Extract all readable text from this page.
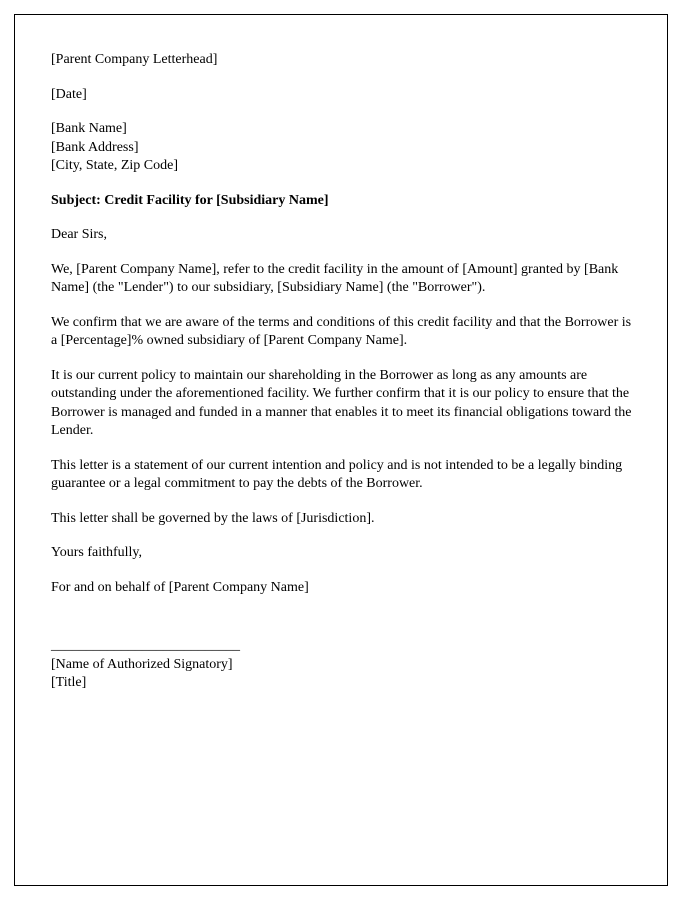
[Parent Company Letterhead]

[Date]

[Bank Name]

[Bank Address]

[City, State, Zip Code]

Subject: Credit Facility for [Subsidiary Name]

Dear Sirs,

We, [Parent Company Name], refer to the credit facility in the amount of [Amount] granted by [Bank Name] (the "Lender") to our subsidiary, [Subsidiary Name] (the "Borrower").

We confirm that we are aware of the terms and conditions of this credit facility and that the Borrower is a [Percentage]% owned subsidiary of [Parent Company Name].

It is our current policy to maintain our shareholding in the Borrower as long as any amounts are outstanding under the aforementioned facility. We further confirm that it is our policy to ensure that the Borrower is managed and funded in a manner that enables it to meet its financial obligations toward the Lender.

This letter is a statement of our current intention and policy and is not intended to be a legally binding guarantee or a legal commitment to pay the debts of the Borrower.

This letter shall be governed by the laws of [Jurisdiction].

Yours faithfully,

For and on behalf of [Parent Company Name]

___________________________

[Name of Authorized Signatory]

[Title]
